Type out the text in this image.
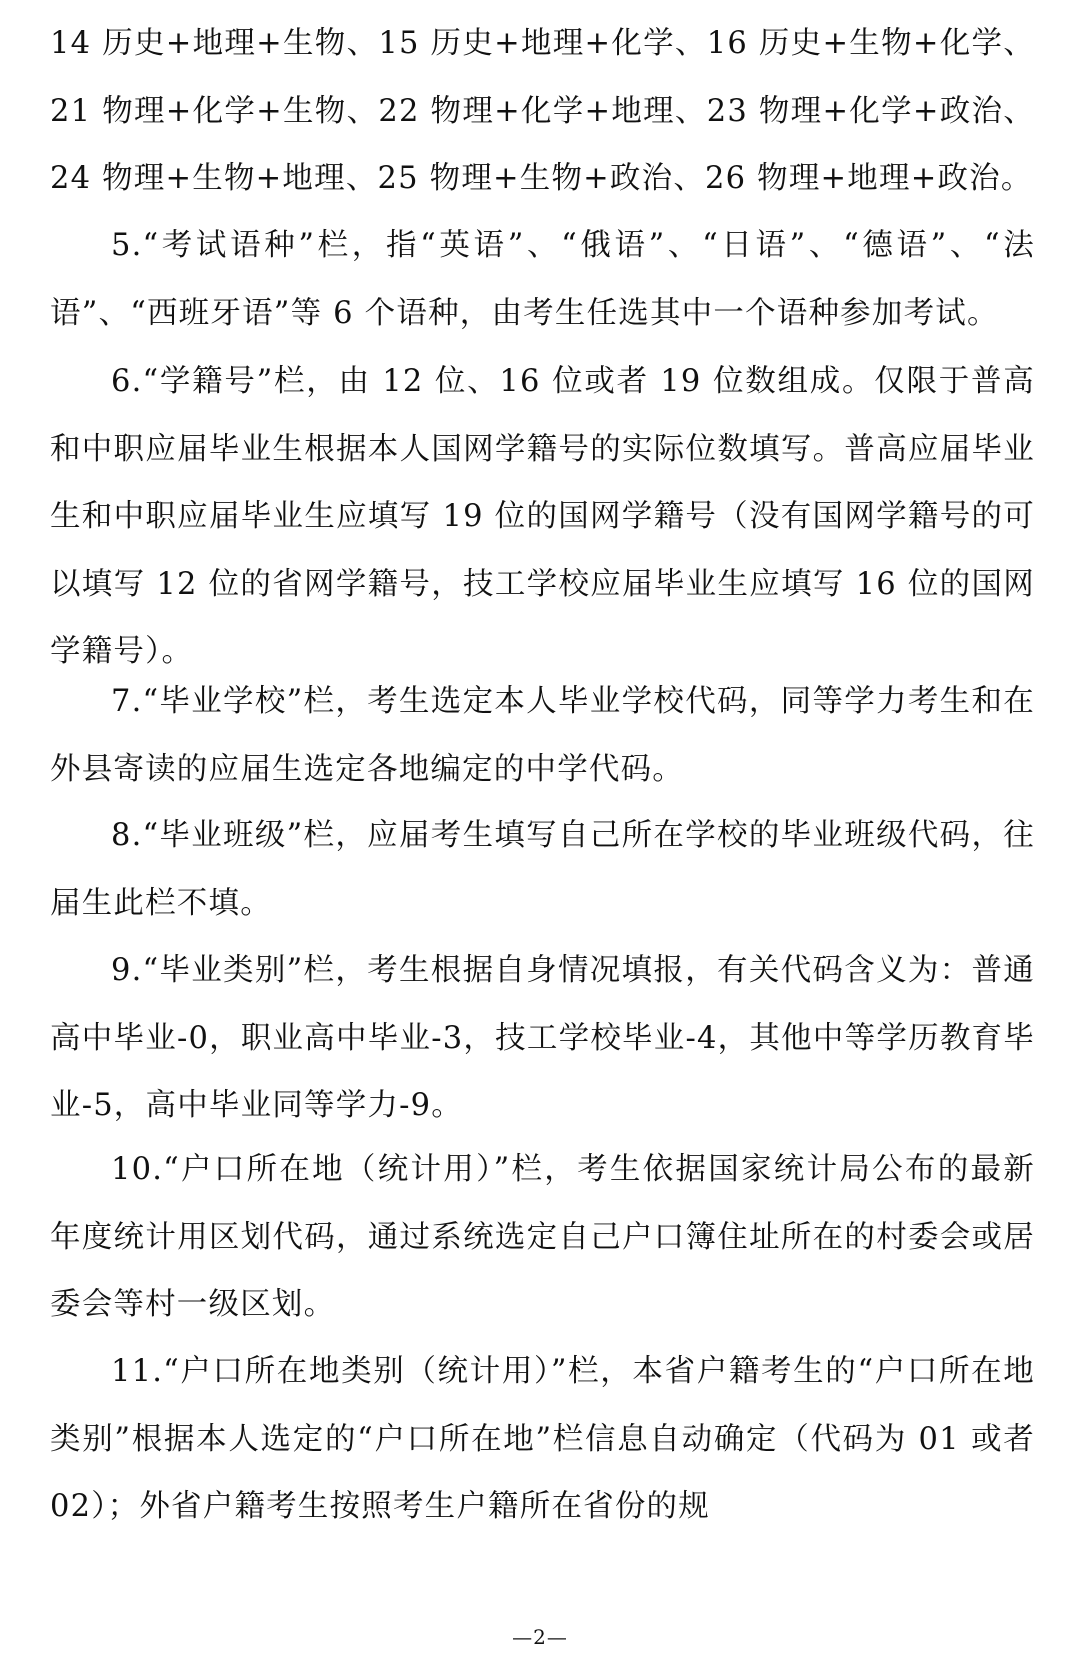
14 历史+地理+生物、15 历史+地理+化学、16 历史+生物+化学、21 物理+化学+生物、22 物理+化学+地理、23 物理+化学+政治、24 物理+生物+地理、25 物理+生物+政治、26 物理+地理+政治。

5.“考试语种”栏，指“英语”、“俄语”、“日语”、“德语”、“法语”、“西班牙语”等 6 个语种，由考生任选其中一个语种参加考试。

6.“学籍号”栏，由 12 位、16 位或者 19 位数组成。仅限于普高和中职应届毕业生根据本人国网学籍号的实际位数填写。普高应届毕业生和中职应届毕业生应填写 19 位的国网学籍号（没有国网学籍号的可以填写 12 位的省网学籍号，技工学校应届毕业生应填写 16 位的国网学籍号）。

7.“毕业学校”栏，考生选定本人毕业学校代码，同等学力考生和在外县寄读的应届生选定各地编定的中学代码。

8.“毕业班级”栏，应届考生填写自己所在学校的毕业班级代码，往届生此栏不填。

9.“毕业类别”栏，考生根据自身情况填报，有关代码含义为：普通高中毕业-0，职业高中毕业-3，技工学校毕业-4，其他中等学历教育毕业-5，高中毕业同等学力-9。

10.“户口所在地（统计用）”栏，考生依据国家统计局公布的最新年度统计用区划代码，通过系统选定自己户口簿住址所在的村委会或居委会等村一级区划。

11.“户口所在地类别（统计用）”栏，本省户籍考生的“户口所在地类别”根据本人选定的“户口所在地”栏信息自动确定（代码为 01 或者 02）；外省户籍考生按照考生户籍所在省份的规

—2—
